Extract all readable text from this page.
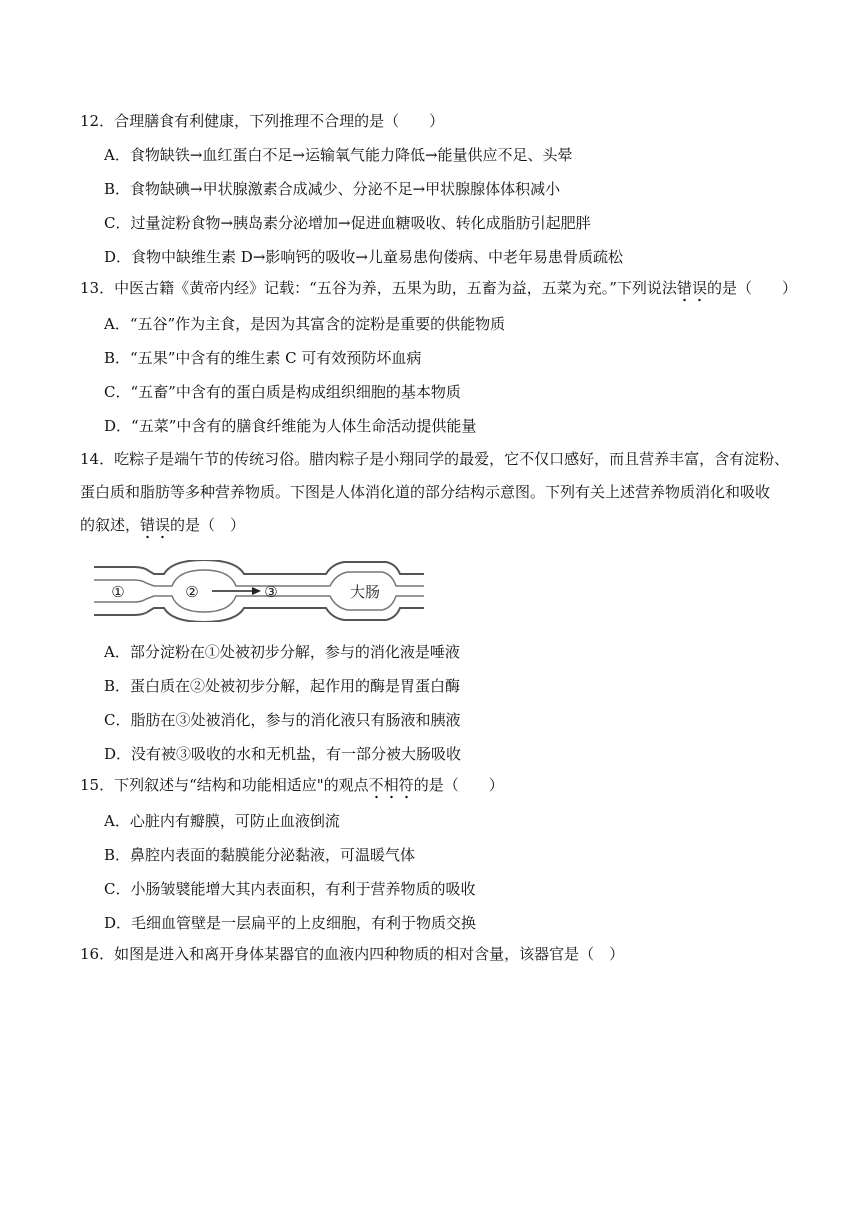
12．合理膳食有利健康，下列推理不合理的是（　　）
A．食物缺铁→血红蛋白不足→运输氧气能力降低→能量供应不足、头晕
B．食物缺碘→甲状腺激素合成减少、分泌不足→甲状腺腺体体积减小
C．过量淀粉食物→胰岛素分泌增加→促进血糖吸收、转化成脂肪引起肥胖
D．食物中缺维生素 D→影响钙的吸收→儿童易患佝偻病、中老年易患骨质疏松
13．中医古籍《黄帝内经》记载：“五谷为养，五果为助，五畜为益，五菜为充。”下列说法错误的是（　　）
A．“五谷”作为主食，是因为其富含的淀粉是重要的供能物质
B．“五果”中含有的维生素 C 可有效预防坏血病
C．“五畜”中含有的蛋白质是构成组织细胞的基本物质
D．“五菜”中含有的膳食纤维能为人体生命活动提供能量
14．吃粽子是端午节的传统习俗。腊肉粽子是小翔同学的最爱，它不仅口感好，而且营养丰富，含有淀粉、
蛋白质和脂肪等多种营养物质。下图是人体消化道的部分结构示意图。下列有关上述营养物质消化和吸收
的叙述，错误的是（　）
①	②	③	大肠
A．部分淀粉在①处被初步分解，参与的消化液是唾液
B．蛋白质在②处被初步分解，起作用的酶是胃蛋白酶
C．脂肪在③处被消化，参与的消化液只有肠液和胰液
D．没有被③吸收的水和无机盐，有一部分被大肠吸收
15．下列叙述与“结构和功能相适应"的观点不相符的是（　　）
A．心脏内有瓣膜，可防止血液倒流
B．鼻腔内表面的黏膜能分泌黏液，可温暖气体
C．小肠皱襞能增大其内表面积，有利于营养物质的吸收
D．毛细血管壁是一层扁平的上皮细胞，有利于物质交换
16．如图是进入和离开身体某器官的血液内四种物质的相对含量，该器官是（　）
